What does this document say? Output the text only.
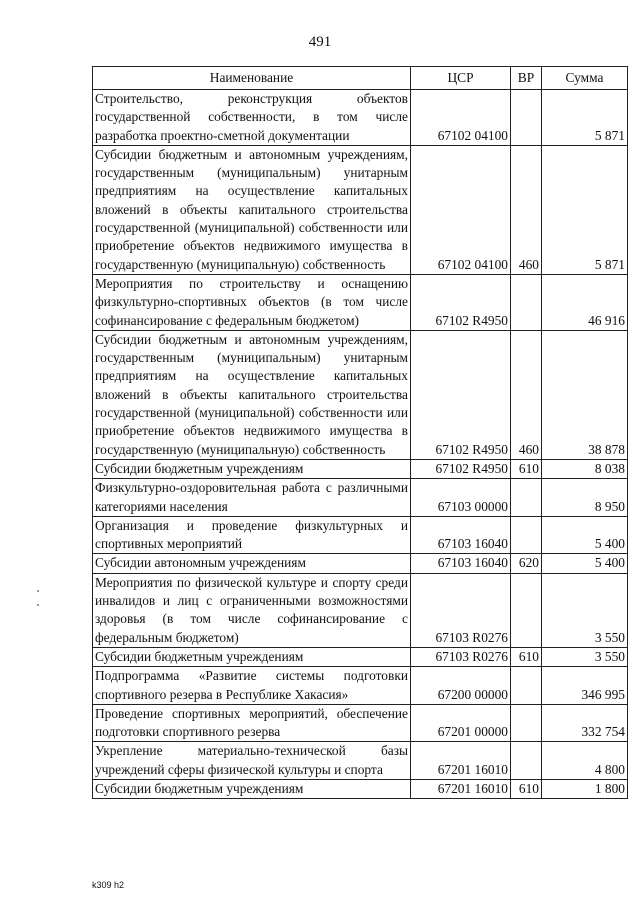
491
Наименование	ЦСР	ВР	Сумма
Строительство, реконструкция объектов государственной собственности, в том числе разработка проектно-сметной документации	67102 04100		5 871
Субсидии бюджетным и автономным учреждениям, государственным (муниципальным) унитарным предприятиям на осуществление капитальных вложений в объекты капитального строительства государственной (муниципальной) собственности или приобретение объектов недвижимого имущества в государственную (муниципальную) собственность	67102 04100	460	5 871
Мероприятия по строительству и оснащению физкультурно-спортивных объектов (в том числе софинансирование с федеральным бюджетом)	67102 R4950		46 916
Субсидии бюджетным и автономным учреждениям, государственным (муниципальным) унитарным предприятиям на осуществление капитальных вложений в объекты капитального строительства государственной (муниципальной) собственности или приобретение объектов недвижимого имущества в государственную (муниципальную) собственность	67102 R4950	460	38 878
Субсидии бюджетным учреждениям	67102 R4950	610	8 038
Физкультурно-оздоровительная работа с различными категориями населения	67103 00000		8 950
Организация и проведение физкультурных и спортивных мероприятий	67103 16040		5 400
Субсидии автономным учреждениям	67103 16040	620	5 400
Мероприятия по физической культуре и спорту среди инвалидов и лиц с ограниченными возможностями здоровья (в том числе софинансирование с федеральным бюджетом)	67103 R0276		3 550
Субсидии бюджетным учреждениям	67103 R0276	610	3 550
Подпрограмма «Развитие системы подготовки спортивного резерва в Республике Хакасия»	67200 00000		346 995
Проведение спортивных мероприятий, обеспечение подготовки спортивного резерва	67201 00000		332 754
Укрепление материально-технической базы учреждений сферы физической культуры и спорта	67201 16010		4 800
Субсидии бюджетным учреждениям	67201 16010	610	1 800
k309 h2
